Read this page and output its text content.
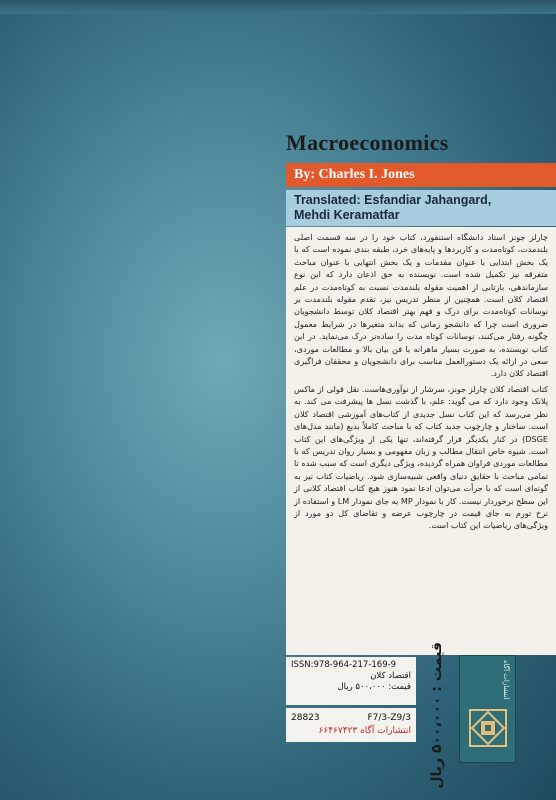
Macroeconomics
By: Charles I. Jones
Translated: Esfandiar Jahangard,
Mehdi Keramatfar

چارلز جونز استاد دانشگاه استنفورد، کتاب خود را در سه قسمت اصلی بلندمدت، کوتاه‌مدت و کاربردها و پایه‌های خرد، طبقه بندی نموده است که با یک بخش ابتدایی با عنوان مقدمات و یک بخش انتهایی با عنوان مباحث متفرقه نیز تکمیل شده است. نویسنده به حق اذعان دارد که این نوع سازماندهی، بازتابی از اهمیت مقوله بلندمدت نسبت به کوتاه‌مدت در علم اقتصاد کلان است. همچنین از منظر تدریس نیز، تقدم مقوله بلندمدت بر نوسانات کوتاه‌مدت برای درک و فهم بهتر اقتصاد کلان توسط دانشجویان ضروری است چرا که دانشجو زمانی که بداند متغیرها در شرایط معمول چگونه رفتار می‌کنند، نوسانات کوتاه مدت را ساده‌تر درک می‌نماید. در این کتاب نویسنده، به صورت بسیار ماهرانه با فن بیان بالا و مطالعات موردی، سعی در ارائه یک دستورالعمل مناسب برای دانشجویان و محققان فراگیری اقتصاد کلان دارد.

کتاب اقتصاد کلان چارلز جونز، سرشار از نوآوری‌هاست. نقل قولی از ماکس پلانک وجود دارد که می گوید: علم، با گذشت نسل ها پیشرفت می کند. به نظر می‌رسد که این کتاب نسل جدیدی از کتاب‌های آموزشی اقتصاد کلان است. ساختار و چارچوب جدید کتاب که با مباحث کاملاً بدیع (مانند مدل‌های DSGE) در کنار یکدیگر قرار گرفته‌اند، تنها یکی از ویژگی‌های این کتاب است. شیوه خاص انتقال مطالب و زبان مفهومی و بسیار روان تدریس که با مطالعات موردی فراوان همراه گردیده، ویژگی دیگری است که سبب شده تا تمامی مباحث با حقایق دنیای واقعی شبیه‌سازی شود. ریاضیات کتاب نیز به گونه‌ای است که با جرأت می‌توان ادعا نمود هنوز هیچ کتاب اقتصاد کلانی از این سطح برخوردار نیست. کار با نمودار MP به جای نمودار LM و استفاده از نرخ تورم به جای قیمت در چارچوب عرضه و تقاضای کل دو مورد از ویژگی‌های ریاضیات این کتاب است.

ISSN:978-964-217-169-9
اقتصاد کلان
قیمت: ۵۰۰،۰۰۰ ریال
28823	F7/3-Z9/3
انتشارات آگاه ۶۶۴۶۷۴۲۳
قیمت : ۵۰۰،۰۰۰ ریال	انتشارات آگاه
